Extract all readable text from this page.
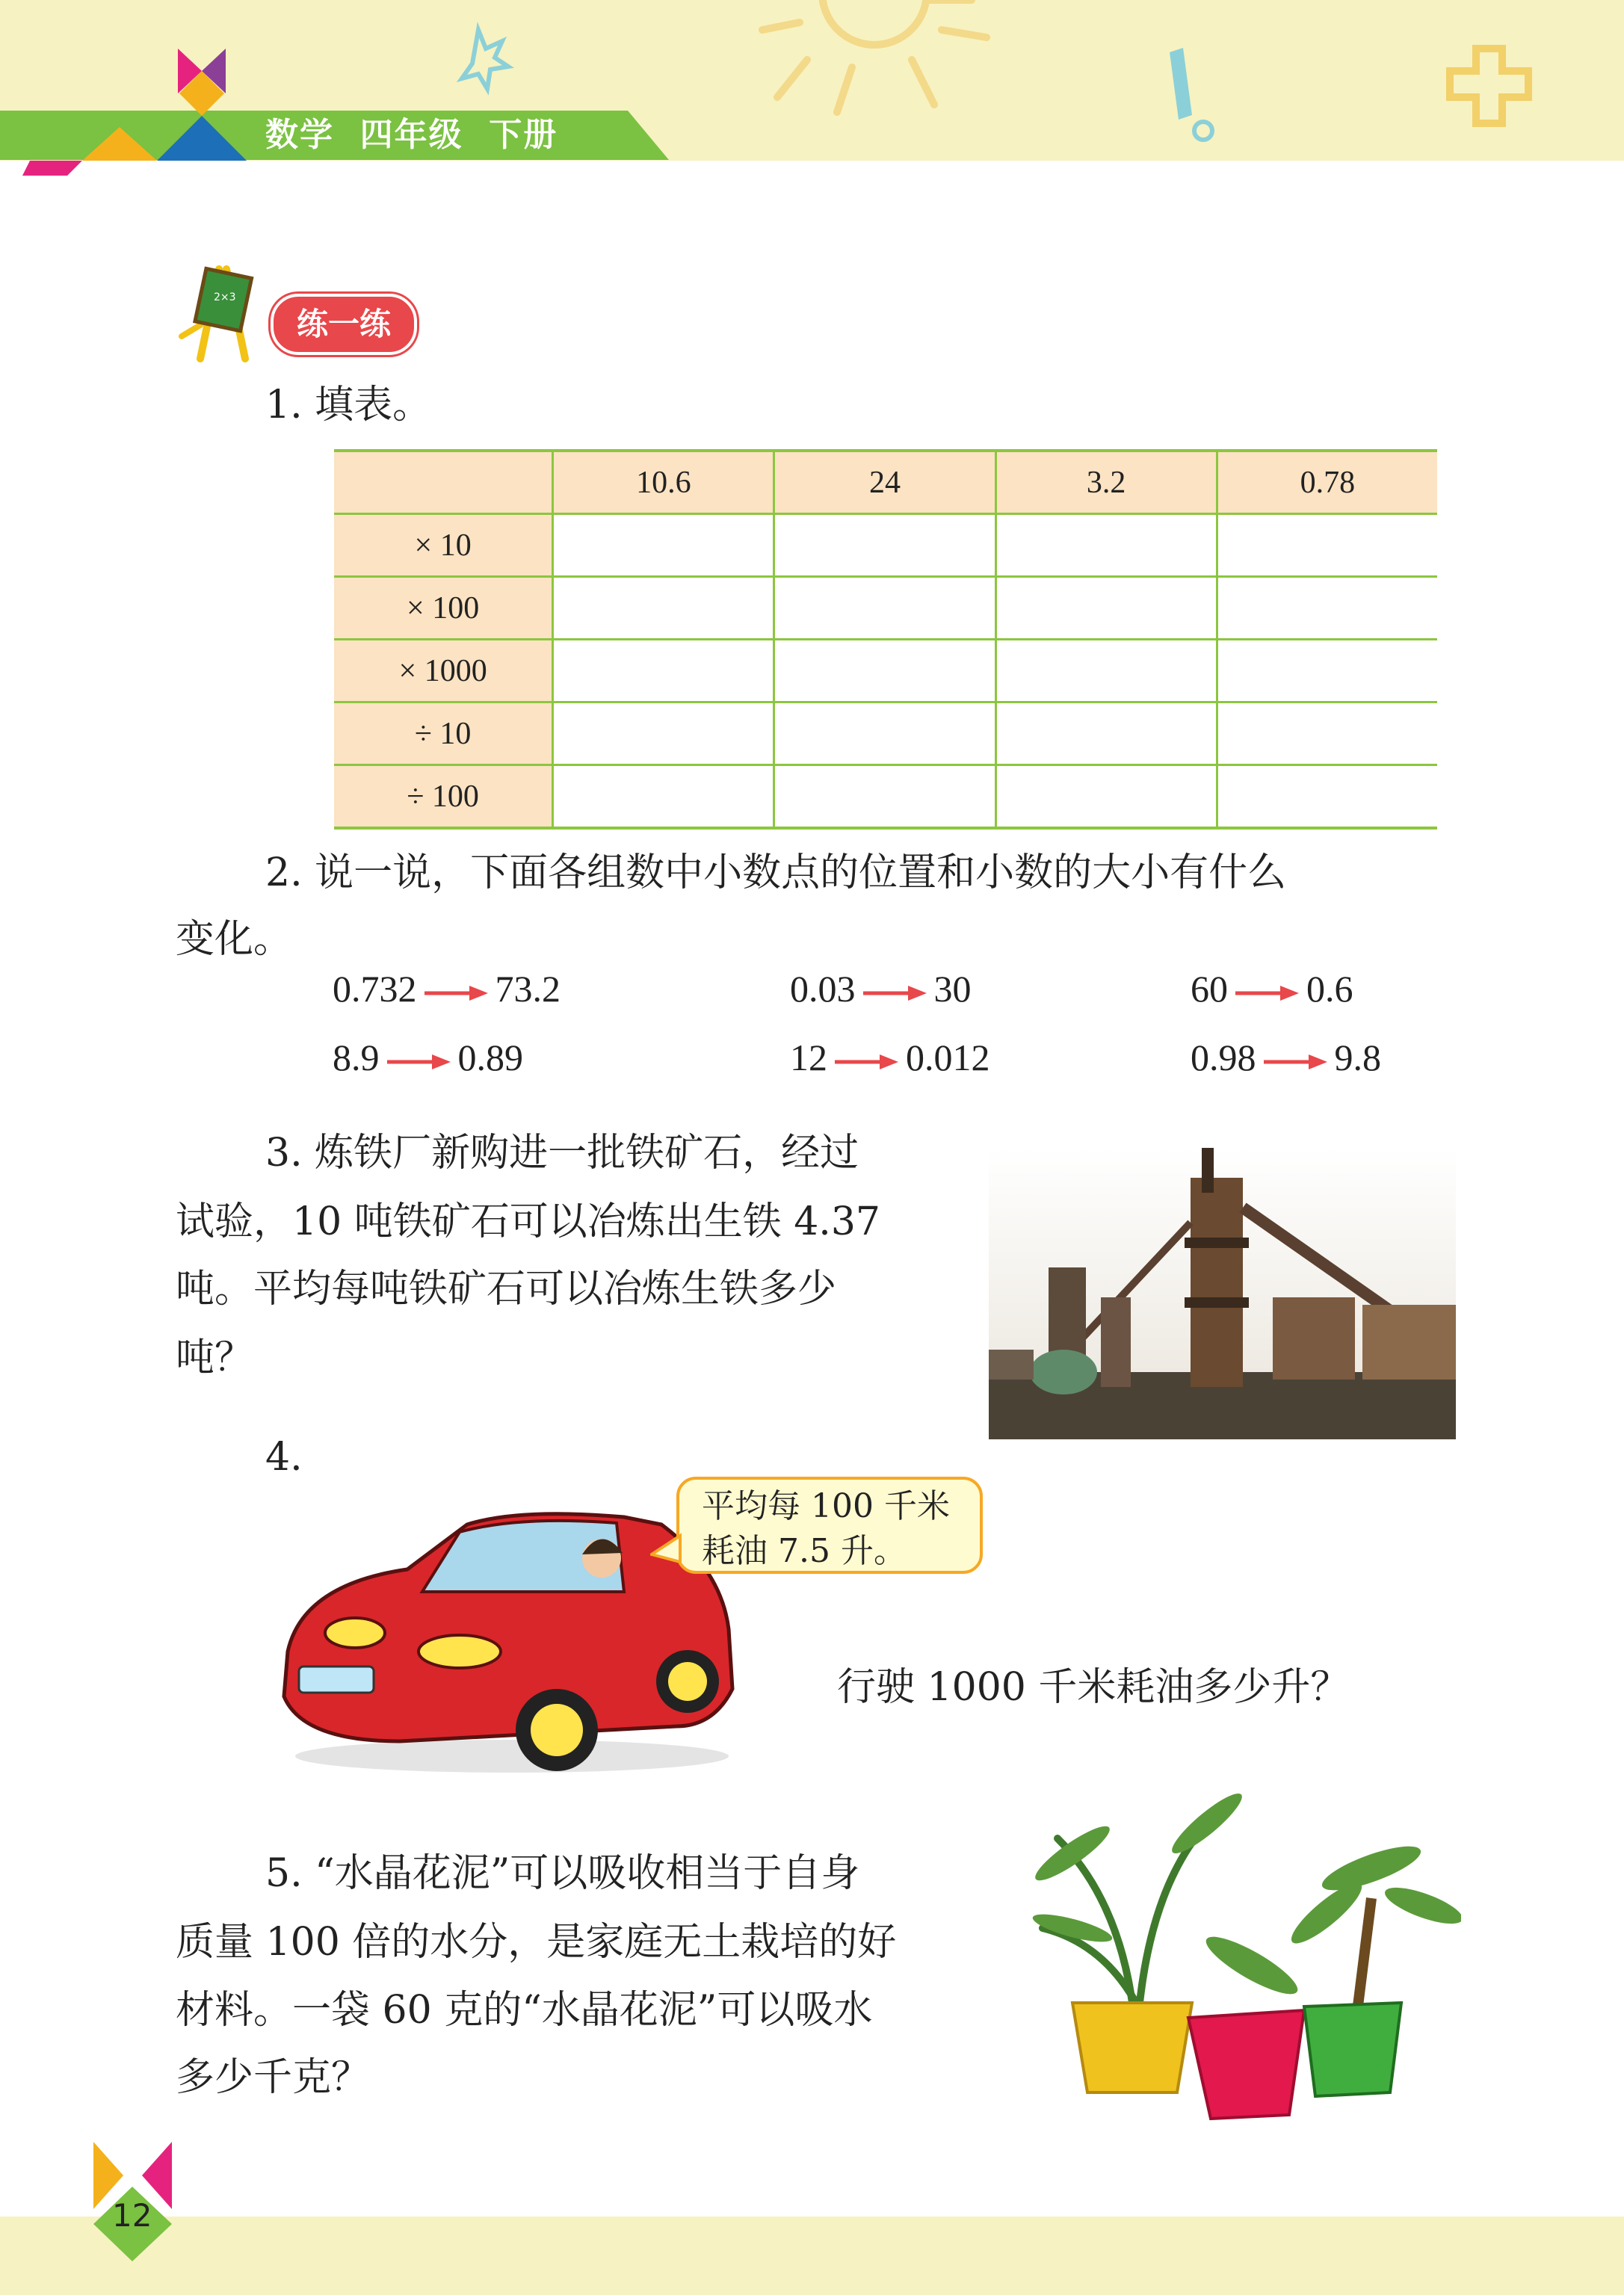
数学  四年级  下册
2×3
练一练
1. 填表。
	10.6	24	3.2	0.78
× 10				
× 100				
× 1000				
÷ 10				
÷ 100				
2. 说一说，下面各组数中小数点的位置和小数的大小有什么
变化。
0.732 73.2	0.03 30	60 0.6
8.9 0.89	12 0.012	0.98 9.8
3. 炼铁厂新购进一批铁矿石，经过
试验，10 吨铁矿石可以冶炼出生铁 4.37
吨。平均每吨铁矿石可以冶炼生铁多少
吨？
4.
平均每 100 千米
耗油 7.5 升。
行驶 1000 千米耗油多少升？
5. “水晶花泥”可以吸收相当于自身
质量 100 倍的水分，是家庭无土栽培的好
材料。一袋 60 克的“水晶花泥”可以吸水
多少千克？
12
